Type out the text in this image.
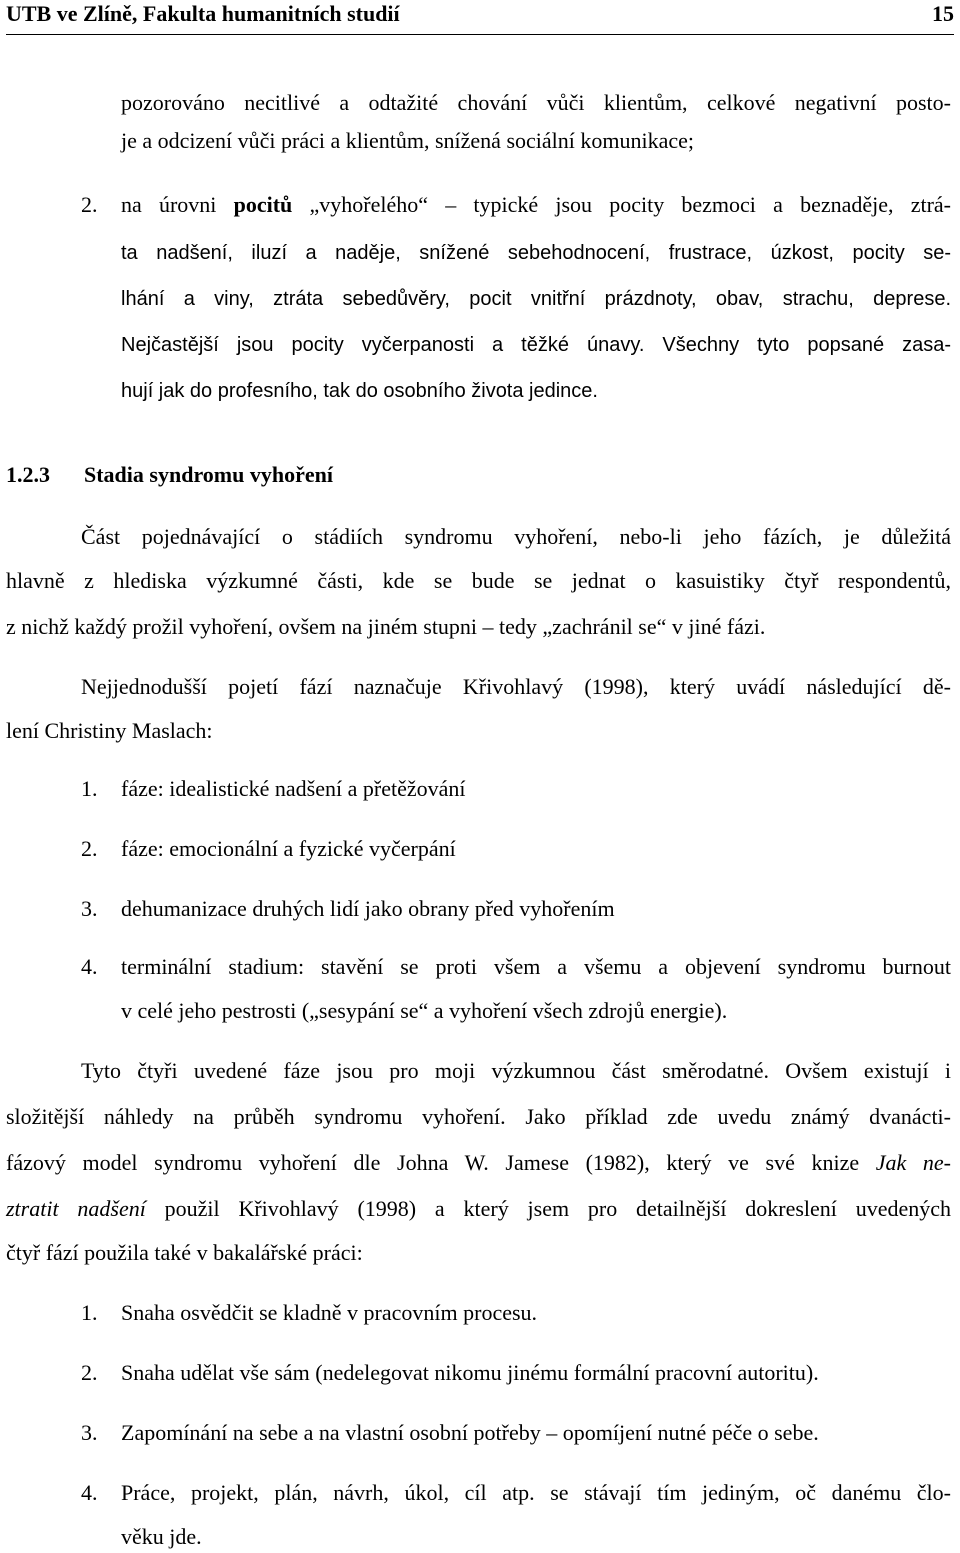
UTB ve Zlíně, Fakulta humanitních studií	15
pozorováno necitlivé a odtažité chování vůči klientům, celkové negativní posto-
je a odcizení vůči práci a klientům, snížená sociální komunikace;
2. na úrovni pocitů „vyhořelého“ – typické jsou pocity bezmoci a beznaděje, ztrá-
ta nadšení, iluzí a naděje, snížené sebehodnocení, frustrace, úzkost, pocity se-
lhání a viny, ztráta sebedůvěry, pocit vnitřní prázdnoty, obav, strachu, deprese.
Nejčastější jsou pocity vyčerpanosti a těžké únavy. Všechny tyto popsané zasa-
hují jak do profesního, tak do osobního života jedince.
1.2.3 Stadia syndromu vyhoření
Část pojednávající o stádiích syndromu vyhoření, nebo-li jeho fázích, je důležitá
hlavně z hlediska výzkumné části, kde se bude se jednat o kasuistiky čtyř respondentů,
z nichž každý prožil vyhoření, ovšem na jiném stupni – tedy „zachránil se“ v jiné fázi.
Nejjednodušší pojetí fází naznačuje Křivohlavý (1998), který uvádí následující dě-
lení Christiny Maslach:
1. fáze: idealistické nadšení a přetěžování
2. fáze: emocionální a fyzické vyčerpání
3. dehumanizace druhých lidí jako obrany před vyhořením
4. terminální stadium: stavění se proti všem a všemu a objevení syndromu burnout
v celé jeho pestrosti („sesypání se“ a vyhoření všech zdrojů energie).
Tyto čtyři uvedené fáze jsou pro moji výzkumnou část směrodatné. Ovšem existují i
složitější náhledy na průběh syndromu vyhoření. Jako příklad zde uvedu známý dvanácti-
fázový model syndromu vyhoření dle Johna W. Jamese (1982), který ve své knize Jak ne-
ztratit nadšení použil Křivohlavý (1998) a který jsem pro detailnější dokreslení uvedených
čtyř fází použila také v bakalářské práci:
1. Snaha osvědčit se kladně v pracovním procesu.
2. Snaha udělat vše sám (nedelegovat nikomu jinému formální pracovní autoritu).
3. Zapomínání na sebe a na vlastní osobní potřeby – opomíjení nutné péče o sebe.
4. Práce, projekt, plán, návrh, úkol, cíl atp. se stávají tím jediným, oč danému člo-
věku jde.
